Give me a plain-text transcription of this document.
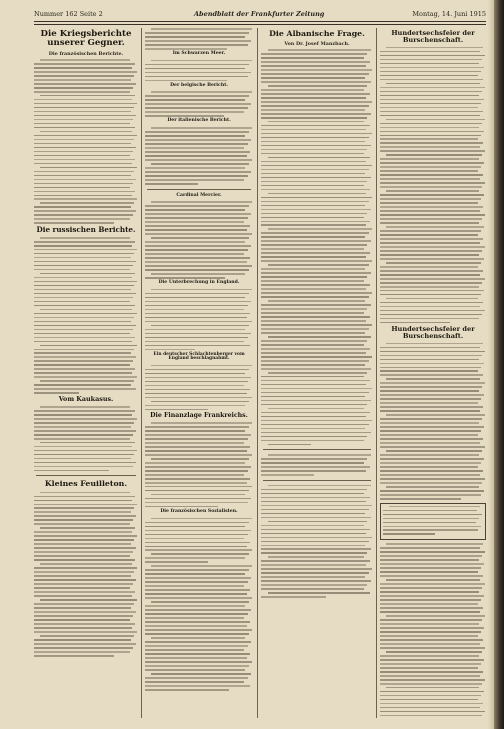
Nummer 162 Seite 2	Abendblatt der Frankfurter Zeitung	Montag, 14. Juni 1915
Die Kriegsberichte unserer Gegner.
Die französischen Berichte.
Die russischen Berichte.
Vom Kaukasus.
Kleines Feuilleton.
Im Schwarzen Meer.
Der belgische Bericht.
Der italienische Bericht.
Cardinal Mercier.
Die Unterbrechung in England.
Ein deutscher Schlachtenberger vom England beschlagnahmt.
Die Finanzlage Frankreichs.
Die französischen Sozialisten.
Die Albanische Frage.
Von Dr. Josef Manzbach.
Hundertsechsfeier der Burschenschaft.
Hundertsechsfeier der Burschenschaft.
